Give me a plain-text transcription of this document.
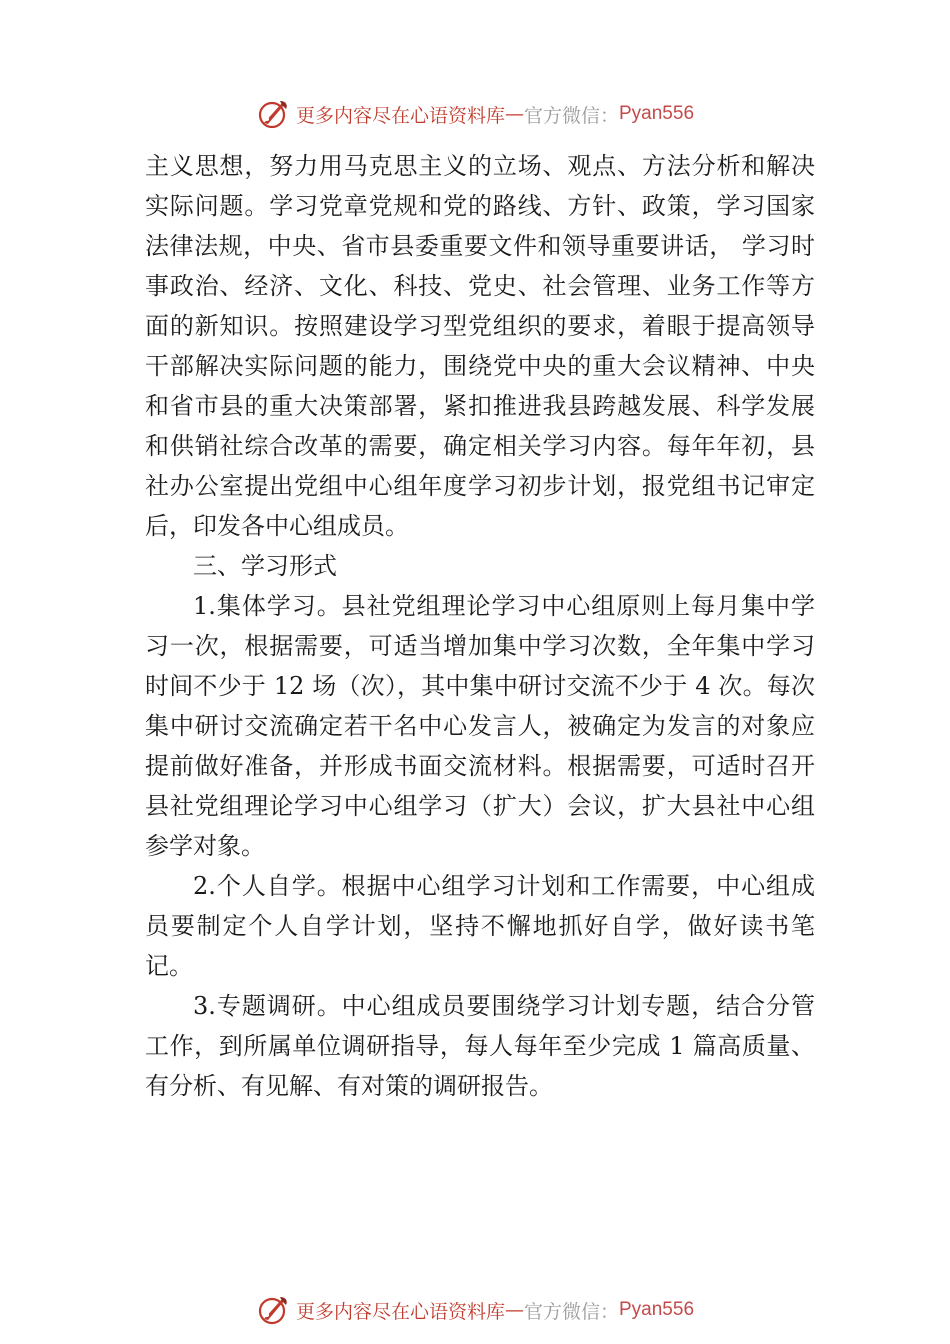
更多内容尽在心语资料库 — 官方微信： Pyan556

主义思想，努力用马克思主义的立场、观点、方法分析和解决实际问题。学习党章党规和党的路线、方针、政策，学习国家法律法规，中央、省市县委重要文件和领导重要讲话， 学习时事政治、经济、文化、科技、党史、社会管理、业务工作等方面的新知识。按照建设学习型党组织的要求，着眼于提高领导干部解决实际问题的能力，围绕党中央的重大会议精神、中央和省市县的重大决策部署，紧扣推进我县跨越发展、科学发展和供销社综合改革的需要，确定相关学习内容。每年年初，县社办公室提出党组中心组年度学习初步计划，报党组书记审定后，印发各中心组成员。

三、学习形式

1.集体学习。县社党组理论学习中心组原则上每月集中学习一次，根据需要，可适当增加集中学习次数，全年集中学习时间不少于 12 场（次），其中集中研讨交流不少于 4 次。每次集中研讨交流确定若干名中心发言人，被确定为发言的对象应提前做好准备，并形成书面交流材料。根据需要，可适时召开县社党组理论学习中心组学习（扩大）会议，扩大县社中心组参学对象。

2.个人自学。根据中心组学习计划和工作需要，中心组成员要制定个人自学计划，坚持不懈地抓好自学，做好读书笔记。

3.专题调研。中心组成员要围绕学习计划专题，结合分管工作，到所属单位调研指导，每人每年至少完成 1 篇高质量、有分析、有见解、有对策的调研报告。

更多内容尽在心语资料库 — 官方微信： Pyan556
